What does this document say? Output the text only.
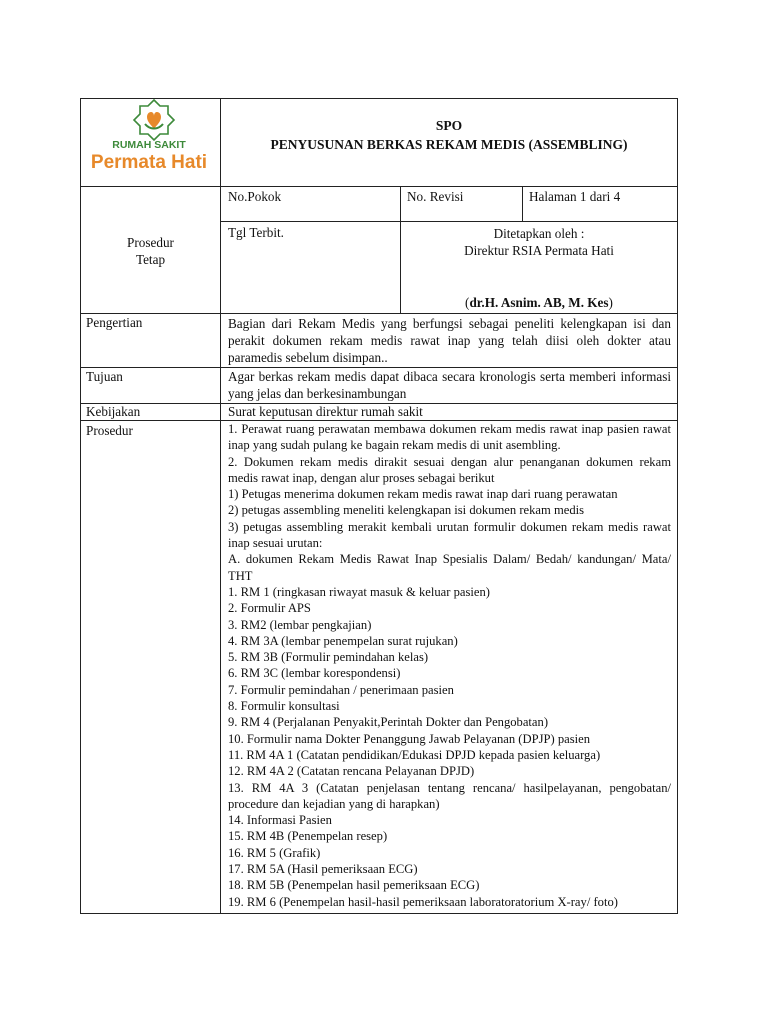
RUMAH SAKIT
Permata Hati
SPO
PENYUSUNAN BERKAS REKAM MEDIS (ASSEMBLING)
Prosedur
Tetap
No.Pokok	No. Revisi	Halaman 1 dari 4
Tgl Terbit.	Ditetapkan oleh :
Direktur RSIA Permata Hati
(dr.H. Asnim. AB, M. Kes)
Pengertian	Bagian dari Rekam Medis yang berfungsi sebagai peneliti kelengkapan isi dan perakit dokumen rekam medis rawat inap yang telah diisi oleh dokter atau paramedis sebelum disimpan..
Tujuan	Agar berkas rekam medis dapat dibaca secara kronologis serta memberi informasi yang jelas dan berkesinambungan
Kebijakan	Surat keputusan direktur rumah sakit
Prosedur	1. Perawat ruang perawatan membawa dokumen rekam medis rawat inap pasien rawat inap yang sudah pulang ke bagain rekam medis di unit asembling.
2. Dokumen rekam medis dirakit sesuai dengan alur penanganan dokumen rekam medis rawat inap, dengan alur proses sebagai berikut
1) Petugas menerima dokumen rekam medis rawat inap dari ruang perawatan
2) petugas assembling meneliti kelengkapan isi dokumen rekam medis
3) petugas assembling merakit kembali urutan formulir dokumen rekam medis rawat inap sesuai urutan:
A. dokumen Rekam Medis Rawat Inap Spesialis Dalam/ Bedah/ kandungan/ Mata/ THT
1. RM 1 (ringkasan riwayat masuk & keluar pasien)
2. Formulir APS
3. RM2 (lembar pengkajian)
4. RM 3A (lembar penempelan surat rujukan)
5. RM 3B (Formulir pemindahan kelas)
6. RM 3C (lembar korespondensi)
7. Formulir pemindahan / penerimaan pasien
8. Formulir konsultasi
9. RM 4 (Perjalanan Penyakit,Perintah Dokter dan Pengobatan)
10. Formulir nama Dokter Penanggung Jawab Pelayanan (DPJP) pasien
11. RM 4A 1 (Catatan pendidikan/Edukasi DPJD kepada pasien keluarga)
12. RM 4A 2 (Catatan rencana Pelayanan DPJD)
13. RM 4A 3 (Catatan penjelasan tentang rencana/ hasilpelayanan, pengobatan/ procedure dan kejadian yang di harapkan)
14. Informasi Pasien
15. RM 4B (Penempelan resep)
16. RM 5 (Grafik)
17. RM 5A (Hasil pemeriksaan ECG)
18. RM 5B (Penempelan hasil pemeriksaan ECG)
19. RM 6 (Penempelan hasil-hasil pemeriksaan laboratoratorium X-ray/ foto)
